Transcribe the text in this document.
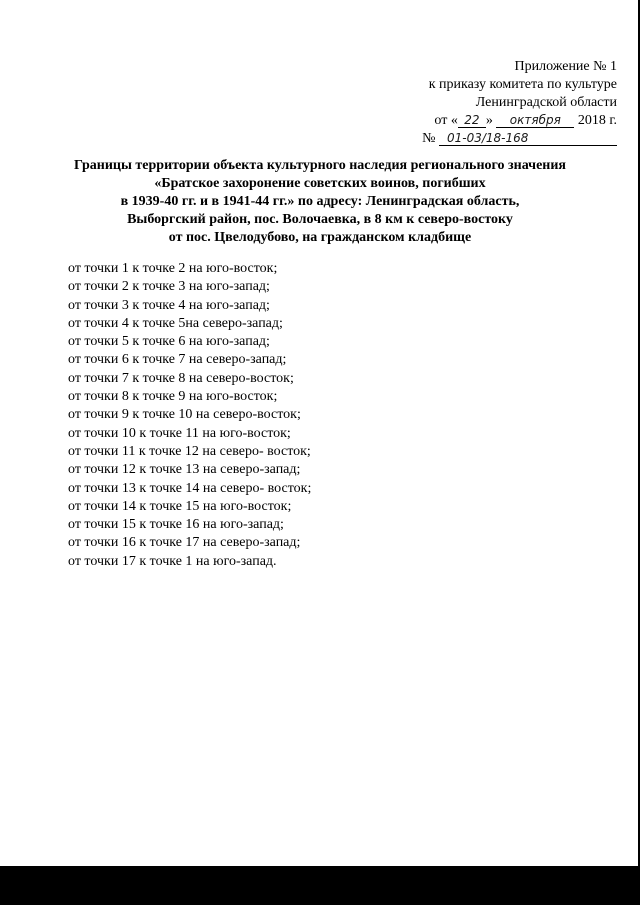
Приложение № 1
к приказу комитета по культуре
Ленинградской области
от « 22 » октября 2018 г.
№ 01-03/18-168
Границы территории объекта культурного наследия регионального значения
«Братское захоронение советских воинов, погибших
в 1939-40 гг. и в 1941-44 гг.» по адресу: Ленинградская область,
Выборгский район, пос. Волочаевка, в 8 км к северо-востоку
от пос. Цвелодубово, на гражданском кладбище
от точки 1 к точке 2 на юго-восток;
от точки 2 к точке 3 на юго-запад;
от точки 3 к точке 4 на юго-запад;
от точки 4 к точке 5на северо-запад;
от точки 5 к точке 6 на юго-запад;
от точки 6 к точке 7 на северо-запад;
от точки 7 к точке 8 на северо-восток;
от точки 8 к точке 9 на юго-восток;
от точки 9 к точке 10 на северо-восток;
от точки 10 к точке 11 на юго-восток;
от точки 11 к точке 12 на северо- восток;
от точки 12 к точке 13 на северо-запад;
от точки 13 к точке 14 на северо- восток;
от точки 14 к точке 15 на юго-восток;
от точки 15 к точке 16 на юго-запад;
от точки 16 к точке 17 на северо-запад;
от точки 17 к точке 1 на юго-запад.
